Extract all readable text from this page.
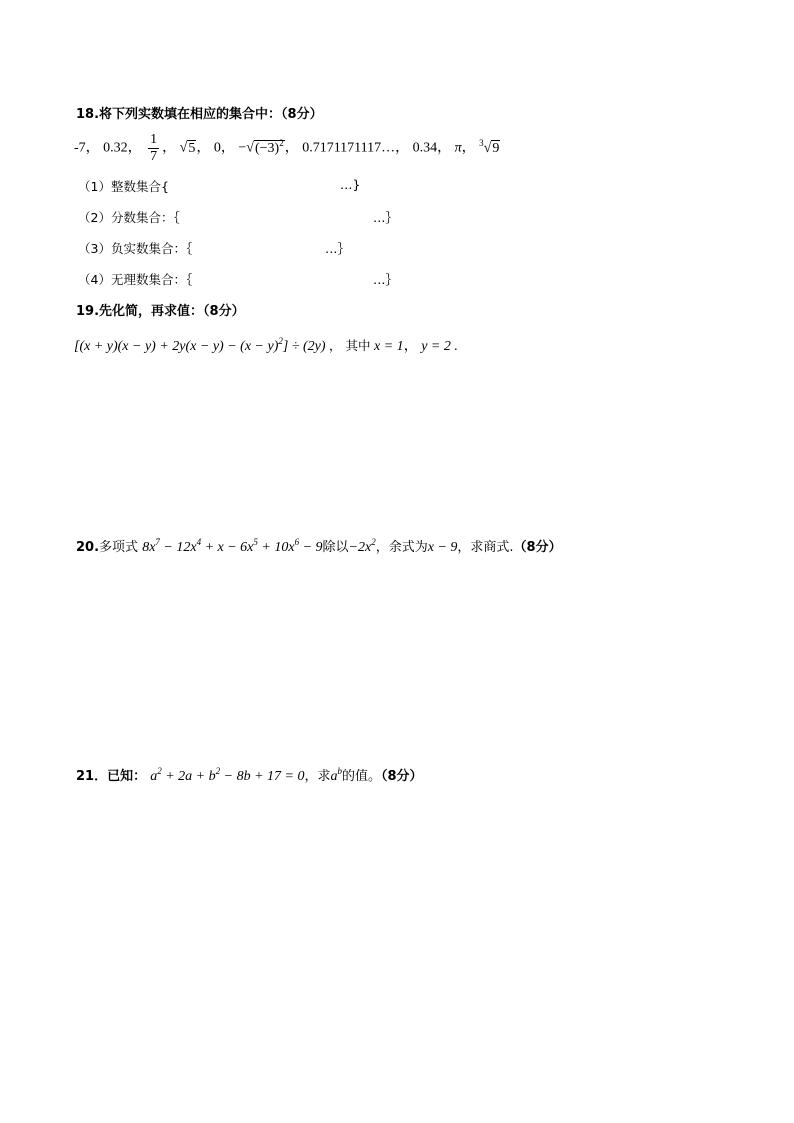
18.将下列实数填在相应的集合中：（8分）
-7， 0.32， $\frac{1}{7}$ ， √5， 0， $-√(-3)^2$， 0.7171171117…， 0.34， π， $^3$√9
（1）整数集合{	…}
（2）分数集合：｛	…｝
（3）负实数集合：｛	…｝
（4）无理数集合：｛	…｝
19.先化简，再求值：（8分）
$[(x + y)(x - y) + 2y(x - y) - (x - y)^2] \div (2y)$ ， 其中 x = 1， y = 2 .
20.多项式 $8x^7 - 12x^4 + x - 6x^5 + 10x^6 - 9$除以$-2x^2$，余式为x − 9，求商式.（8分）
21．已知： $a^2 + 2a + b^2 - 8b + 17 = 0$，求$a^b$的值。（8分）
